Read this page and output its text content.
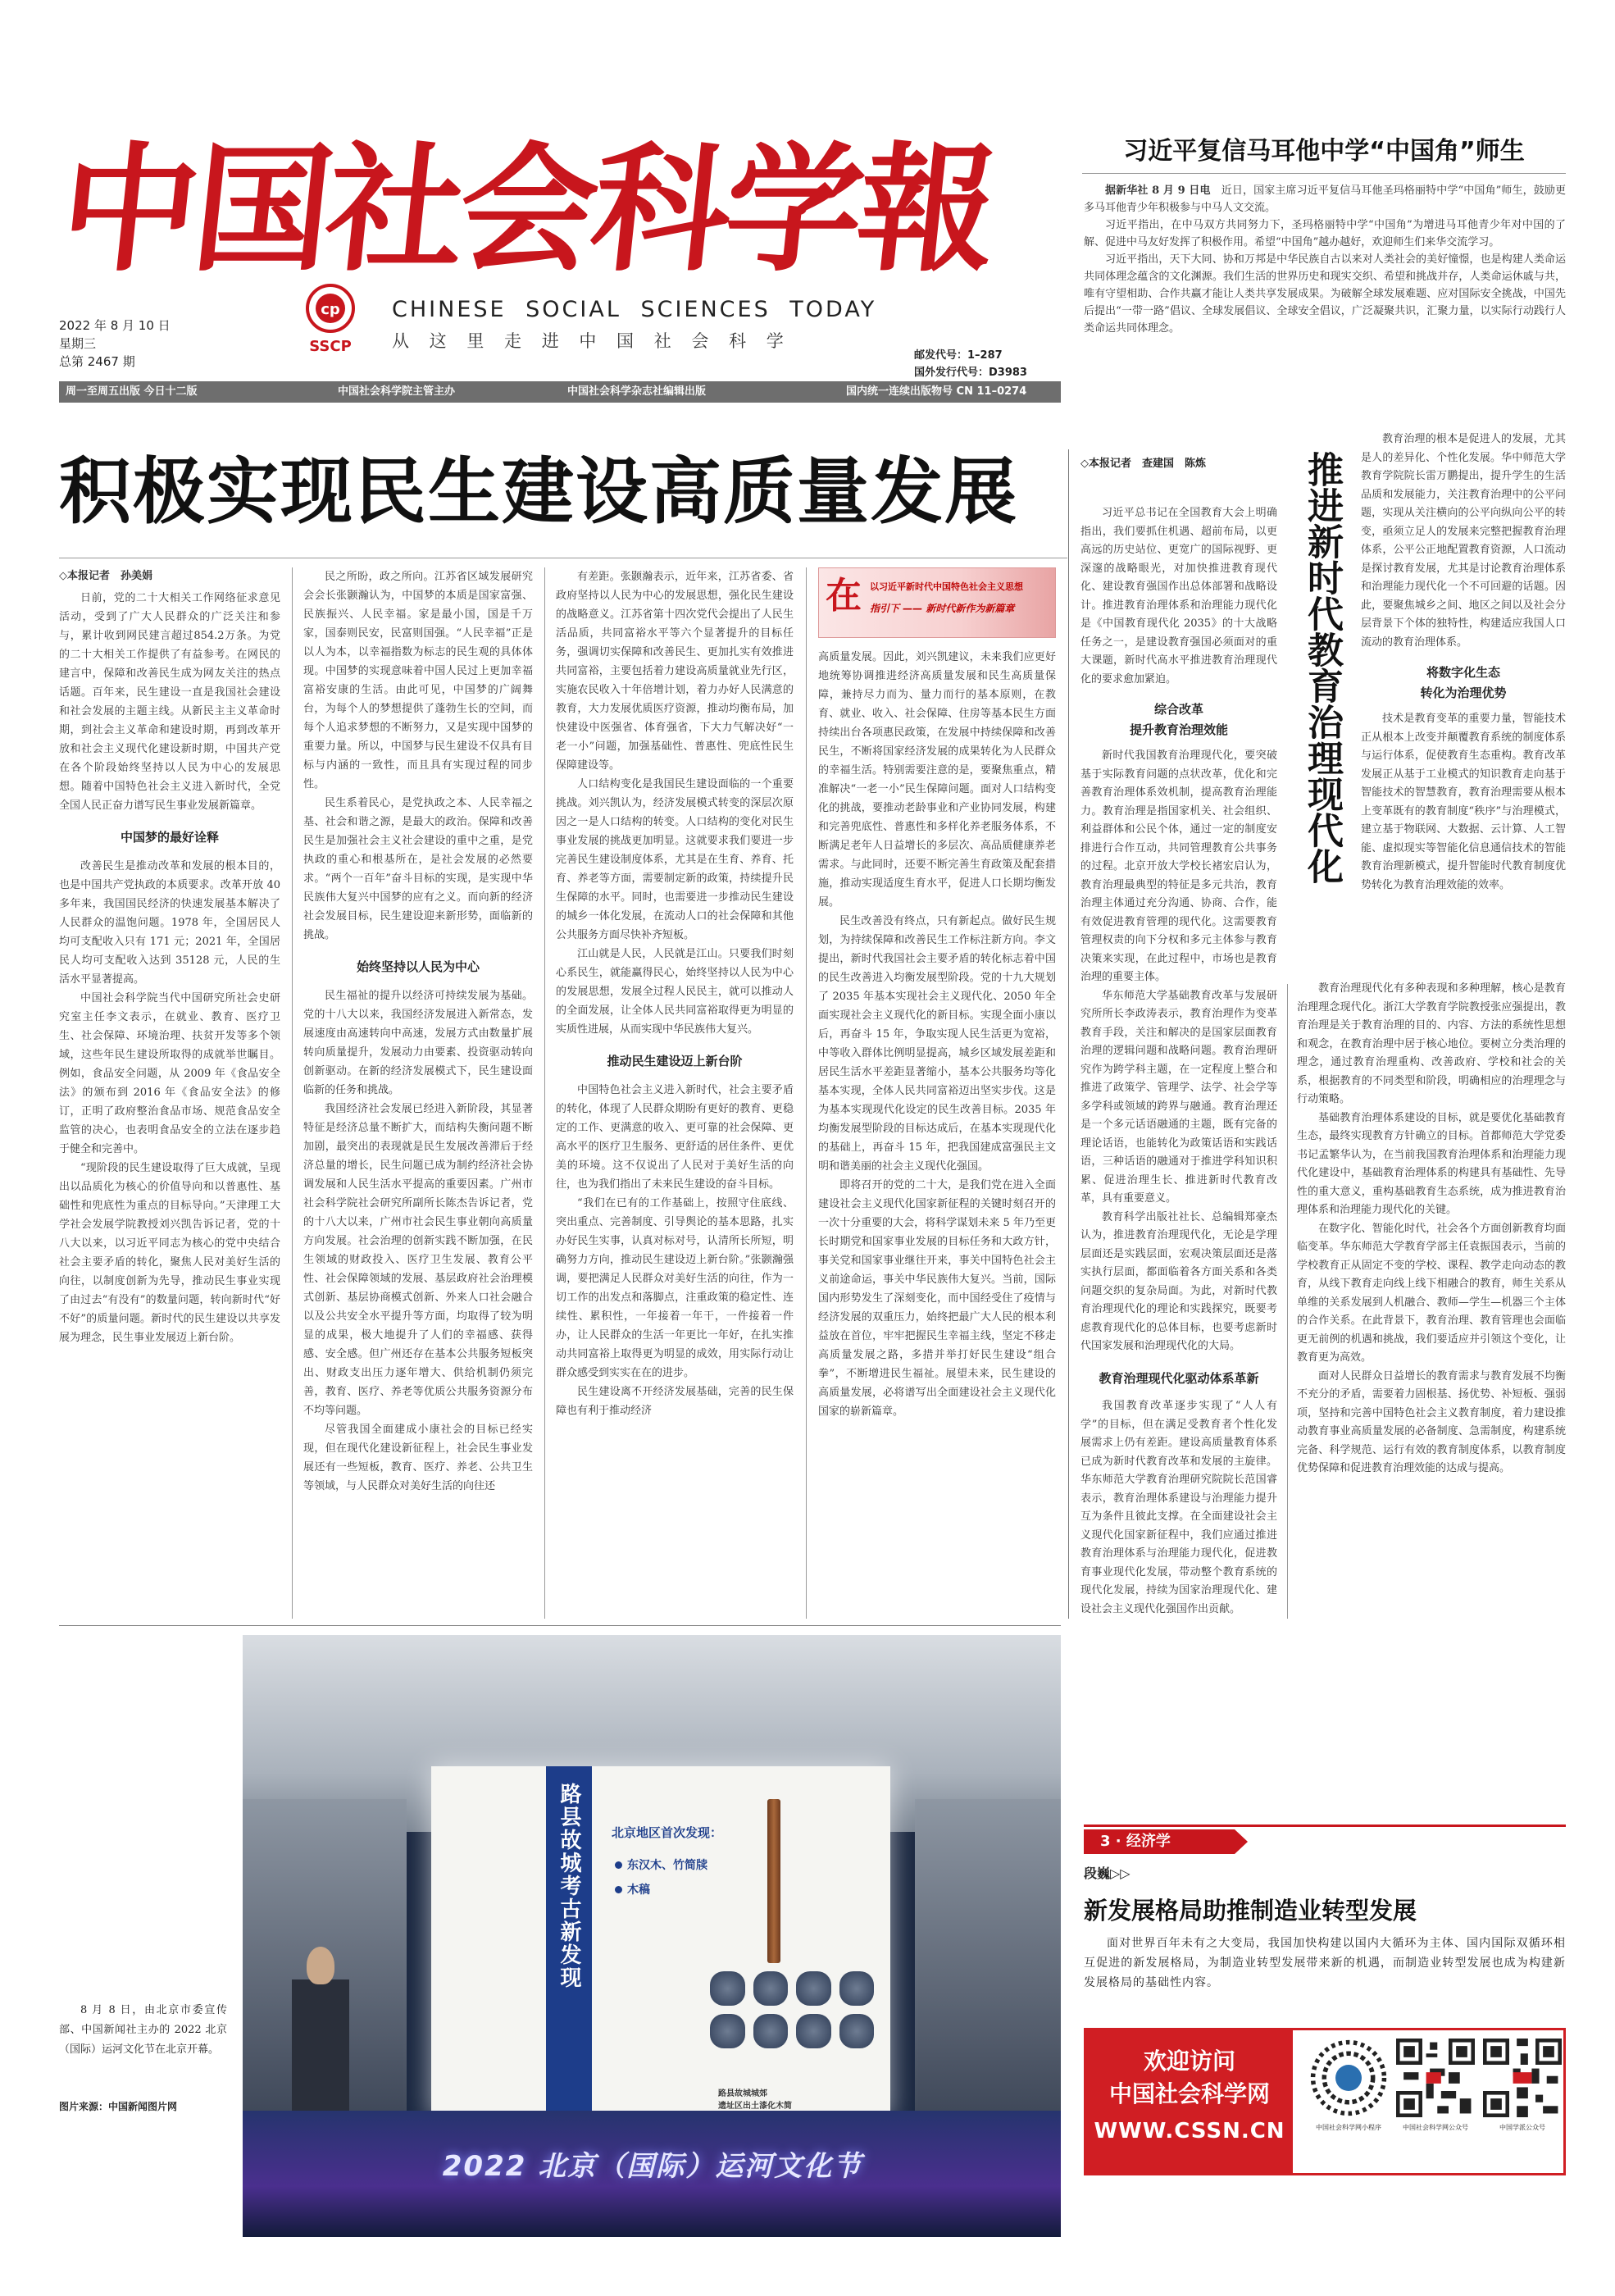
中国社会科学報
cp
SSCP
CHINESE SOCIAL SCIENCES TODAY
从 这 里 走 进 中 国 社 会 科 学
2022 年 8 月 10 日
星期三
总第 2467 期	邮发代号：1–287
国外发行代号：D3983
周一至周五出版 今日十二版	中国社会科学院主管主办	中国社会科学杂志社编辑出版	国内统一连续出版物号 CN 11–0274
习近平复信马耳他中学“中国角”师生

据新华社 8 月 9 日电　 近日，国家主席习近平复信马耳他圣玛格丽特中学“中国角”师生，鼓励更多马耳他青少年积极参与中马人文交流。

习近平指出，在中马双方共同努力下，圣玛格丽特中学“中国角”为增进马耳他青少年对中国的了解、促进中马友好发挥了积极作用。希望“中国角”越办越好，欢迎师生们来华交流学习。

习近平指出，天下大同、协和万邦是中华民族自古以来对人类社会的美好憧憬，也是构建人类命运共同体理念蕴含的文化渊源。我们生活的世界历史和现实交织、希望和挑战并存，人类命运休戚与共，唯有守望相助、合作共赢才能让人类共享发展成果。为破解全球发展难题、应对国际安全挑战，中国先后提出“一带一路”倡议、全球发展倡议、全球安全倡议，广泛凝聚共识，汇聚力量，以实际行动践行人类命运共同体理念。

积极实现民生建设高质量发展
◇本报记者　孙美娟

日前，党的二十大相关工作网络征求意见活动，受到了广大人民群众的广泛关注和参与，累计收到网民建言超过854.2万条。为党的二十大相关工作提供了有益参考。在网民的建言中，保障和改善民生成为网友关注的热点话题。百年来，民生建设一直是我国社会建设和社会发展的主题主线。从新民主主义革命时期，到社会主义革命和建设时期，再到改革开放和社会主义现代化建设新时期，中国共产党在各个阶段始终坚持以人民为中心的发展思想。随着中国特色社会主义进入新时代，全党全国人民正奋力谱写民生事业发展新篇章。

中国梦的最好诠释

改善民生是推动改革和发展的根本目的，也是中国共产党执政的本质要求。改革开放 40 多年来，我国国民经济的快速发展基本解决了人民群众的温饱问题。1978 年，全国居民人均可支配收入只有 171 元；2021 年，全国居民人均可支配收入达到 35128 元，人民的生活水平显著提高。

中国社会科学院当代中国研究所社会史研究室主任李文表示，在就业、教育、医疗卫生、社会保障、环境治理、扶贫开发等多个领域，这些年民生建设所取得的成就举世瞩目。例如，食品安全问题，从 2009 年《食品安全法》的颁布到 2016 年《食品安全法》的修订，正明了政府整治食品市场、规范食品安全监管的决心，也表明食品安全的立法在逐步趋于健全和完善中。

“现阶段的民生建设取得了巨大成就，呈现出以品质化为核心的价值导向和以普惠性、基础性和兜底性为重点的目标导向。”天津理工大学社会发展学院教授刘兴凯告诉记者，党的十八大以来，以习近平同志为核心的党中央结合社会主要矛盾的转化，聚焦人民对美好生活的向往，以制度创新为先导，推动民生事业实现了由过去“有没有”的数量问题，转向新时代“好不好”的质量问题。新时代的民生建设以共享发展为理念，民生事业发展迈上新台阶。

民之所盼，政之所向。江苏省区域发展研究会会长张颢瀚认为，中国梦的本质是国家富强、民族振兴、人民幸福。家是最小国，国是千万家，国泰则民安，民富则国强。“人民幸福”正是以人为本，以幸福指数为标志的民生观的具体体现。中国梦的实现意味着中国人民过上更加幸福富裕安康的生活。由此可见，中国梦的广阔舞台，为每个人的梦想提供了蓬勃生长的空间，而每个人追求梦想的不断努力，又是实现中国梦的重要力量。所以，中国梦与民生建设不仅具有目标与内涵的一致性，而且具有实现过程的同步性。

民生系着民心，是党执政之本、人民幸福之基、社会和谐之源，是最大的政治。保障和改善民生是加强社会主义社会建设的重中之重，是党执政的重心和根基所在，是社会发展的必然要求。“两个一百年”奋斗目标的实现，是实现中华民族伟大复兴中国梦的应有之义。而向新的经济社会发展目标，民生建设迎来新形势，面临新的挑战。

始终坚持以人民为中心

民生福祉的提升以经济可持续发展为基础。党的十八大以来，我国经济发展进入新常态，发展速度由高速转向中高速，发展方式由数量扩展转向质量提升，发展动力由要素、投资驱动转向创新驱动。在新的经济发展模式下，民生建设面临新的任务和挑战。

我国经济社会发展已经进入新阶段，其显著特征是经济总量不断扩大，而结构失衡问题不断加剧，最突出的表现就是民生发展改善滞后于经济总量的增长，民生问题已成为制约经济社会协调发展和人民生活水平提高的重要因素。广州市社会科学院社会研究所副所长陈杰告诉记者，党的十八大以来，广州市社会民生事业朝向高质量方向发展。社会治理的创新实践不断加强，在民生领域的财政投入、医疗卫生发展、教育公平性、社会保障领域的发展、基层政府社会治理模式创新、基层协商模式创新、外来人口社会融合以及公共安全水平提升等方面，均取得了较为明显的成果，极大地提升了人们的幸福感、获得感、安全感。但广州还存在基本公共服务短板突出、财政支出压力逐年增大、供给机制仍须完善，教育、医疗、养老等优质公共服务资源分布不均等问题。

尽管我国全面建成小康社会的目标已经实现，但在现代化建设新征程上，社会民生事业发展还有一些短板，教育、医疗、养老、公共卫生等领域，与人民群众对美好生活的向往还

有差距。张颢瀚表示，近年来，江苏省委、省政府坚持以人民为中心的发展思想，强化民生建设的战略意义。江苏省第十四次党代会提出了人民生活品质，共同富裕水平等六个显著提升的目标任务，强调切实保障和改善民生、更加扎实有效推进共同富裕，主要包括着力建设高质量就业先行区，实施农民收入十年倍增计划，着力办好人民满意的教育，大力发展优质医疗资源，推动均衡布局，加快建设中医强省、体育强省，下大力气解决好“一老一小”问题，加强基础性、普惠性、兜底性民生保障建设等。

人口结构变化是我国民生建设面临的一个重要挑战。刘兴凯认为，经济发展模式转变的深层次原因之一是人口结构的转变。人口结构的变化对民生事业发展的挑战更加明显。这就要求我们要进一步完善民生建设制度体系，尤其是在生育、养育、托育、养老等方面，需要制定新的政策，持续提升民生保障的水平。同时，也需要进一步推动民生建设的城乡一体化发展，在流动人口的社会保障和其他公共服务方面尽快补齐短板。

江山就是人民，人民就是江山。只要我们时刻心系民生，就能赢得民心，始终坚持以人民为中心的发展思想，发展全过程人民民主，就可以推动人的全面发展，让全体人民共同富裕取得更为明显的实质性进展，从而实现中华民族伟大复兴。

推动民生建设迈上新台阶

中国特色社会主义进入新时代，社会主要矛盾的转化，体现了人民群众期盼有更好的教育、更稳定的工作、更满意的收入、更可靠的社会保障、更高水平的医疗卫生服务、更舒适的居住条件、更优美的环境。这不仅说出了人民对于美好生活的向往，也为我们指出了未来民生建设的奋斗目标。

“我们在已有的工作基础上，按照守住底线、突出重点、完善制度、引导舆论的基本思路，扎实办好民生实事，认真对标对号，认清所长所短，明确努力方向，推动民生建设迈上新台阶。”张颢瀚强调，要把满足人民群众对美好生活的向往，作为一切工作的出发点和落脚点，注重政策的稳定性、连续性、累积性，一年接着一年干，一件接着一件办，让人民群众的生活一年更比一年好，在扎实推动共同富裕上取得更为明显的成效，用实际行动让群众感受到实实在在的进步。

民生建设离不开经济发展基础，完善的民生保障也有利于推动经济

在 以习近平新时代中国特色社会主义思想
指引下 —— 新时代新作为新篇章

高质量发展。因此，刘兴凯建议，未来我们应更好地统筹协调推进经济高质量发展和民生高质量保障，兼持尽力而为、量力而行的基本原则，在教育、就业、收入、社会保障、住房等基本民生方面持续出台各项惠民政策，在发展中持续保障和改善民生，不断将国家经济发展的成果转化为人民群众的幸福生活。特别需要注意的是，要聚焦重点，精准解决“一老一小”民生保障问题。面对人口结构变化的挑战，要推动老龄事业和产业协同发展，构建和完善兜底性、普惠性和多样化养老服务体系，不断满足老年人日益增长的多层次、高品质健康养老需求。与此同时，还要不断完善生育政策及配套措施，推动实现适度生育水平，促进人口长期均衡发展。

民生改善没有终点，只有新起点。做好民生规划，为持续保障和改善民生工作标注新方向。李文提出，新时代我国社会主要矛盾的转化标志着中国的民生改善进入均衡发展型阶段。党的十九大规划了 2035 年基本实现社会主义现代化、2050 年全面实现社会主义现代化的新目标。实现全面小康以后，再奋斗 15 年，争取实现人民生活更为宽裕，中等收入群体比例明显提高，城乡区域发展差距和居民生活水平差距显著缩小，基本公共服务均等化基本实现，全体人民共同富裕迈出坚实步伐。这是为基本实现现代化设定的民生改善目标。2035 年均衡发展型阶段的目标达成后，在基本实现现代化的基础上，再奋斗 15 年，把我国建成富强民主文明和谐美丽的社会主义现代化强国。

即将召开的党的二十大，是我们党在进入全面建设社会主义现代化国家新征程的关键时刻召开的一次十分重要的大会，将科学谋划未来 5 年乃至更长时期党和国家事业发展的目标任务和大政方针，事关党和国家事业继往开来，事关中国特色社会主义前途命运，事关中华民族伟大复兴。当前，国际国内形势发生了深刻变化，而中国经受住了疫情与经济发展的双重压力，始终把最广大人民的根本利益放在首位，牢牢把握民生幸福主线，坚定不移走高质量发展之路，多措并举打好民生建设“组合拳”，不断增进民生福祉。展望未来，民生建设的高质量发展，必将谱写出全面建设社会主义现代化国家的崭新篇章。

◇本报记者　查建国　陈炼	推进新时代教育治理现代化

习近平总书记在全国教育大会上明确指出，我们要抓住机遇、超前布局，以更高远的历史站位、更宽广的国际视野、更深邃的战略眼光，对加快推进教育现代化、建设教育强国作出总体部署和战略设计。推进教育治理体系和治理能力现代化是《中国教育现代化 2035》的十大战略任务之一，是建设教育强国必须面对的重大课题，新时代高水平推进教育治理现代化的要求愈加紧迫。

综合改革
提升教育治理效能

新时代我国教育治理现代化，要突破基于实际教育问题的点状改革，优化和完善教育治理体系效机制，提高教育治理能力。教育治理是指国家机关、社会组织、利益群体和公民个体，通过一定的制度安排进行合作互动，共同管理教育公共事务的过程。北京开放大学校长褚宏启认为，教育治理最典型的特征是多元共治，教育治理主体通过充分沟通、协商、合作，能有效促进教育管理的现代化。这需要教育管理权责的向下分权和多元主体参与教育决策来实现，在此过程中，市场也是教育治理的重要主体。

华东师范大学基础教育改革与发展研究所所长李政涛表示，教育治理作为变革教育手段，关注和解决的是国家层面教育治理的逻辑问题和战略问题。教育治理研究作为跨学科主题，在一定程度上整合和推进了政策学、管理学、法学、社会学等多学科或领域的跨界与融通。教育治理还是一个多元话语融通的主题，既有完备的理论话语，也能转化为政策话语和实践话语，三种话语的融通对于推进学科知识积累、促进治理生长、推进新时代教育改革，具有重要意义。

教育科学出版社社长、总编辑郑豪杰认为，推进教育治理现代化，无论是学理层面还是实践层面，宏观决策层面还是落实执行层面，都面临着各方面关系和各类问题交织的复杂局面。为此，对新时代教育治理现代化的理论和实践探究，既要考虑教育现代化的总体目标，也要考虑新时代国家发展和治理现代化的大局。

教育治理现代化驱动体系革新

我国教育改革逐步实现了“人人有学”的目标，但在满足受教育者个性化发展需求上仍有差距。建设高质量教育体系已成为新时代教育改革和发展的主旋律。华东师范大学教育治理研究院院长范国睿表示，教育治理体系建设与治理能力提升互为条件且彼此支撑。在全面建设社会主义现代化国家新征程中，我们应通过推进教育治理体系与治理能力现代化，促进教育事业现代化发展，带动整个教育系统的现代化发展，持续为国家治理现代化、建设社会主义现代化强国作出贡献。

教育治理的根本是促进人的发展，尤其是人的差异化、个性化发展。华中师范大学教育学院院长雷万鹏提出，提升学生的生活品质和发展能力，关注教育治理中的公平问题，实现从关注横向的公平向纵向公平的转变，亟须立足人的发展来完整把握教育治理体系，公平公正地配置教育资源，人口流动是探讨教育发展，尤其是讨论教育治理体系和治理能力现代化一个不可回避的话题。因此，要聚焦城乡之间、地区之间以及社会分层背景下个体的独特性，构建适应我国人口流动的教育治理体系。

将数字化生态
转化为治理优势

技术是教育变革的重要力量，智能技术正从根本上改变并颠覆教育系统的制度体系与运行体系，促使教育生态重构。教育改革发展正从基于工业模式的知识教育走向基于智能技术的智慧教育，教育治理需要从根本上变革既有的教育制度“秩序”与治理模式，建立基于物联网、大数据、云计算、人工智能、虚拟现实等智能化信息通信技术的智能教育治理新模式，提升智能时代教育制度优势转化为教育治理效能的效率。

教育治理现代化有多种表现和多种理解，核心是教育治理理念现代化。浙江大学教育学院教授张应强提出，教育治理是关于教育治理的目的、内容、方法的系统性思想和观念，在教育治理中居于核心地位。要树立分类治理的理念，通过教育治理重构、改善政府、学校和社会的关系，根据教育的不同类型和阶段，明确相应的治理理念与行动策略。

基础教育治理体系建设的目标，就是要优化基础教育生态，最终实现教育方针确立的目标。首都师范大学党委书记孟繁华认为，在当前我国教育治理体系和治理能力现代化建设中，基础教育治理体系的构建具有基础性、先导性的重大意义，重构基础教育生态系统，成为推进教育治理体系和治理能力现代化的关键。

在数字化、智能化时代，社会各个方面创新教育均面临变革。华东师范大学教育学部主任袁振国表示，当前的学校教育正从固定不变的学校、课程、教学走向动态的教育，从线下教育走向线上线下相融合的教育，师生关系从单维的关系发展到人机融合、教师—学生—机器三个主体的合作关系。在此背景下，教育治理、教育管理也会面临更无前例的机遇和挑战，我们要适应并引领这个变化，让教育更为高效。

面对人民群众日益增长的教育需求与教育发展不均衡不充分的矛盾，需要着力固根基、扬优势、补短板、强弱项，坚持和完善中国特色社会主义教育制度，着力建设推动教育事业高质量发展的必备制度、急需制度，构建系统完备、科学规范、运行有效的教育制度体系，以教育制度优势保障和促进教育治理效能的达成与提高。

路县故城考古新发现	北京地区首次发现：
东汉木、竹简牍
木稿
路县故城城郊
遗址区出土漆化木简
2022 北京（国际）运河文化节
8 月 8 日，由北京市委宣传部、中国新闻社主办的 2022 北京（国际）运河文化节在北京开幕。
图片来源：中国新闻图片网
3 · 经济学
段巍▷▷
新发展格局助推制造业转型发展
面对世界百年未有之大变局，我国加快构建以国内大循环为主体、国内国际双循环相互促进的新发展格局，为制造业转型发展带来新的机遇，而制造业转型发展也成为构建新发展格局的基础性内容。
欢迎访问
中国社会科学网
WWW.CSSN.CN	中国社会科学网小程序	中国社会科学网公众号	中国学派公众号
